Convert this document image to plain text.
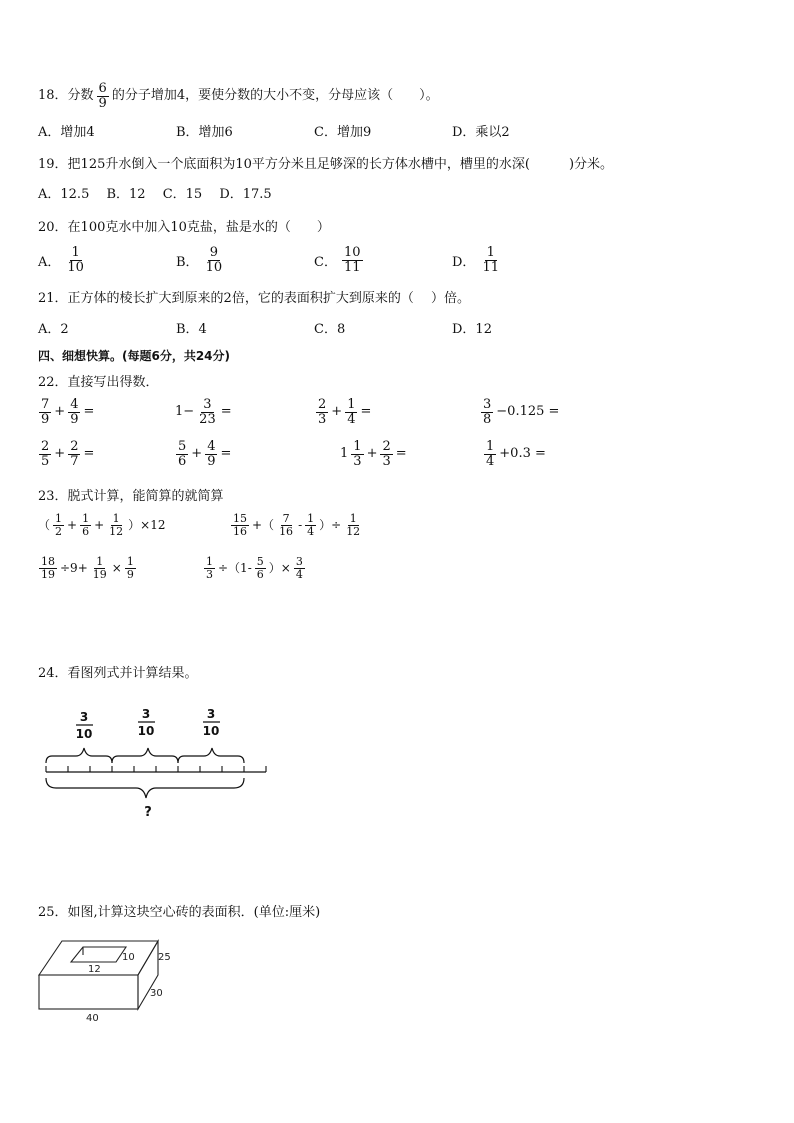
18．分数 $\frac{6}{9}$ 的分子增加4，要使分数的大小不变，分母应该（　　）。
A．增加4	B．增加6	C．增加9	D．乘以2
19．把125升水倒入一个底面积为10平方分米且足够深的长方体水槽中，槽里的水深(　　　)分米。
A．12.5　 B．12　 C．15　 D．17.5
20．在100克水中加入10克盐，盐是水的（　　）
A． $\frac{1}{10}$	B． $\frac{9}{10}$	C． $\frac{10}{11}$	D． $\frac{1}{11}$
21．正方体的棱长扩大到原来的2倍，它的表面积扩大到原来的（　 ）倍。
A．2	B．4	C．8	D．12
四、细想快算。(每题6分，共24分)
22．直接写出得数．
$\frac{7}{9} + \frac{4}{9}$ =	$1- \frac{3}{23}$ =	$\frac{2}{3} + \frac{1}{4}$ =	$\frac{3}{8} -0.125$ =
$\frac{2}{5} + \frac{2}{7}$ =	$\frac{5}{6} + \frac{4}{9}$ =	$1 \frac{1}{3} + \frac{2}{3}$ =	$\frac{1}{4} +0.3$ =
23．脱式计算，能简算的就简算
（ $\frac{1}{2} + \frac{1}{6} + \frac{1}{12} )\times 12$	$\frac{15}{16}$ +（ $\frac{7}{16} - \frac{1}{4}$ ）÷ $\frac{1}{12}$
$\frac{18}{19} \div 9+ \frac{1}{19} \times \frac{1}{9}$	$\frac{1}{3} \div(1- \frac{5}{6}$ ）× $\frac{3}{4}$
24．看图列式并计算结果。
3
10
3
10
3
10
?
25．如图,计算这块空心砖的表面积．(单位:厘米)
12
10 25
30
40
